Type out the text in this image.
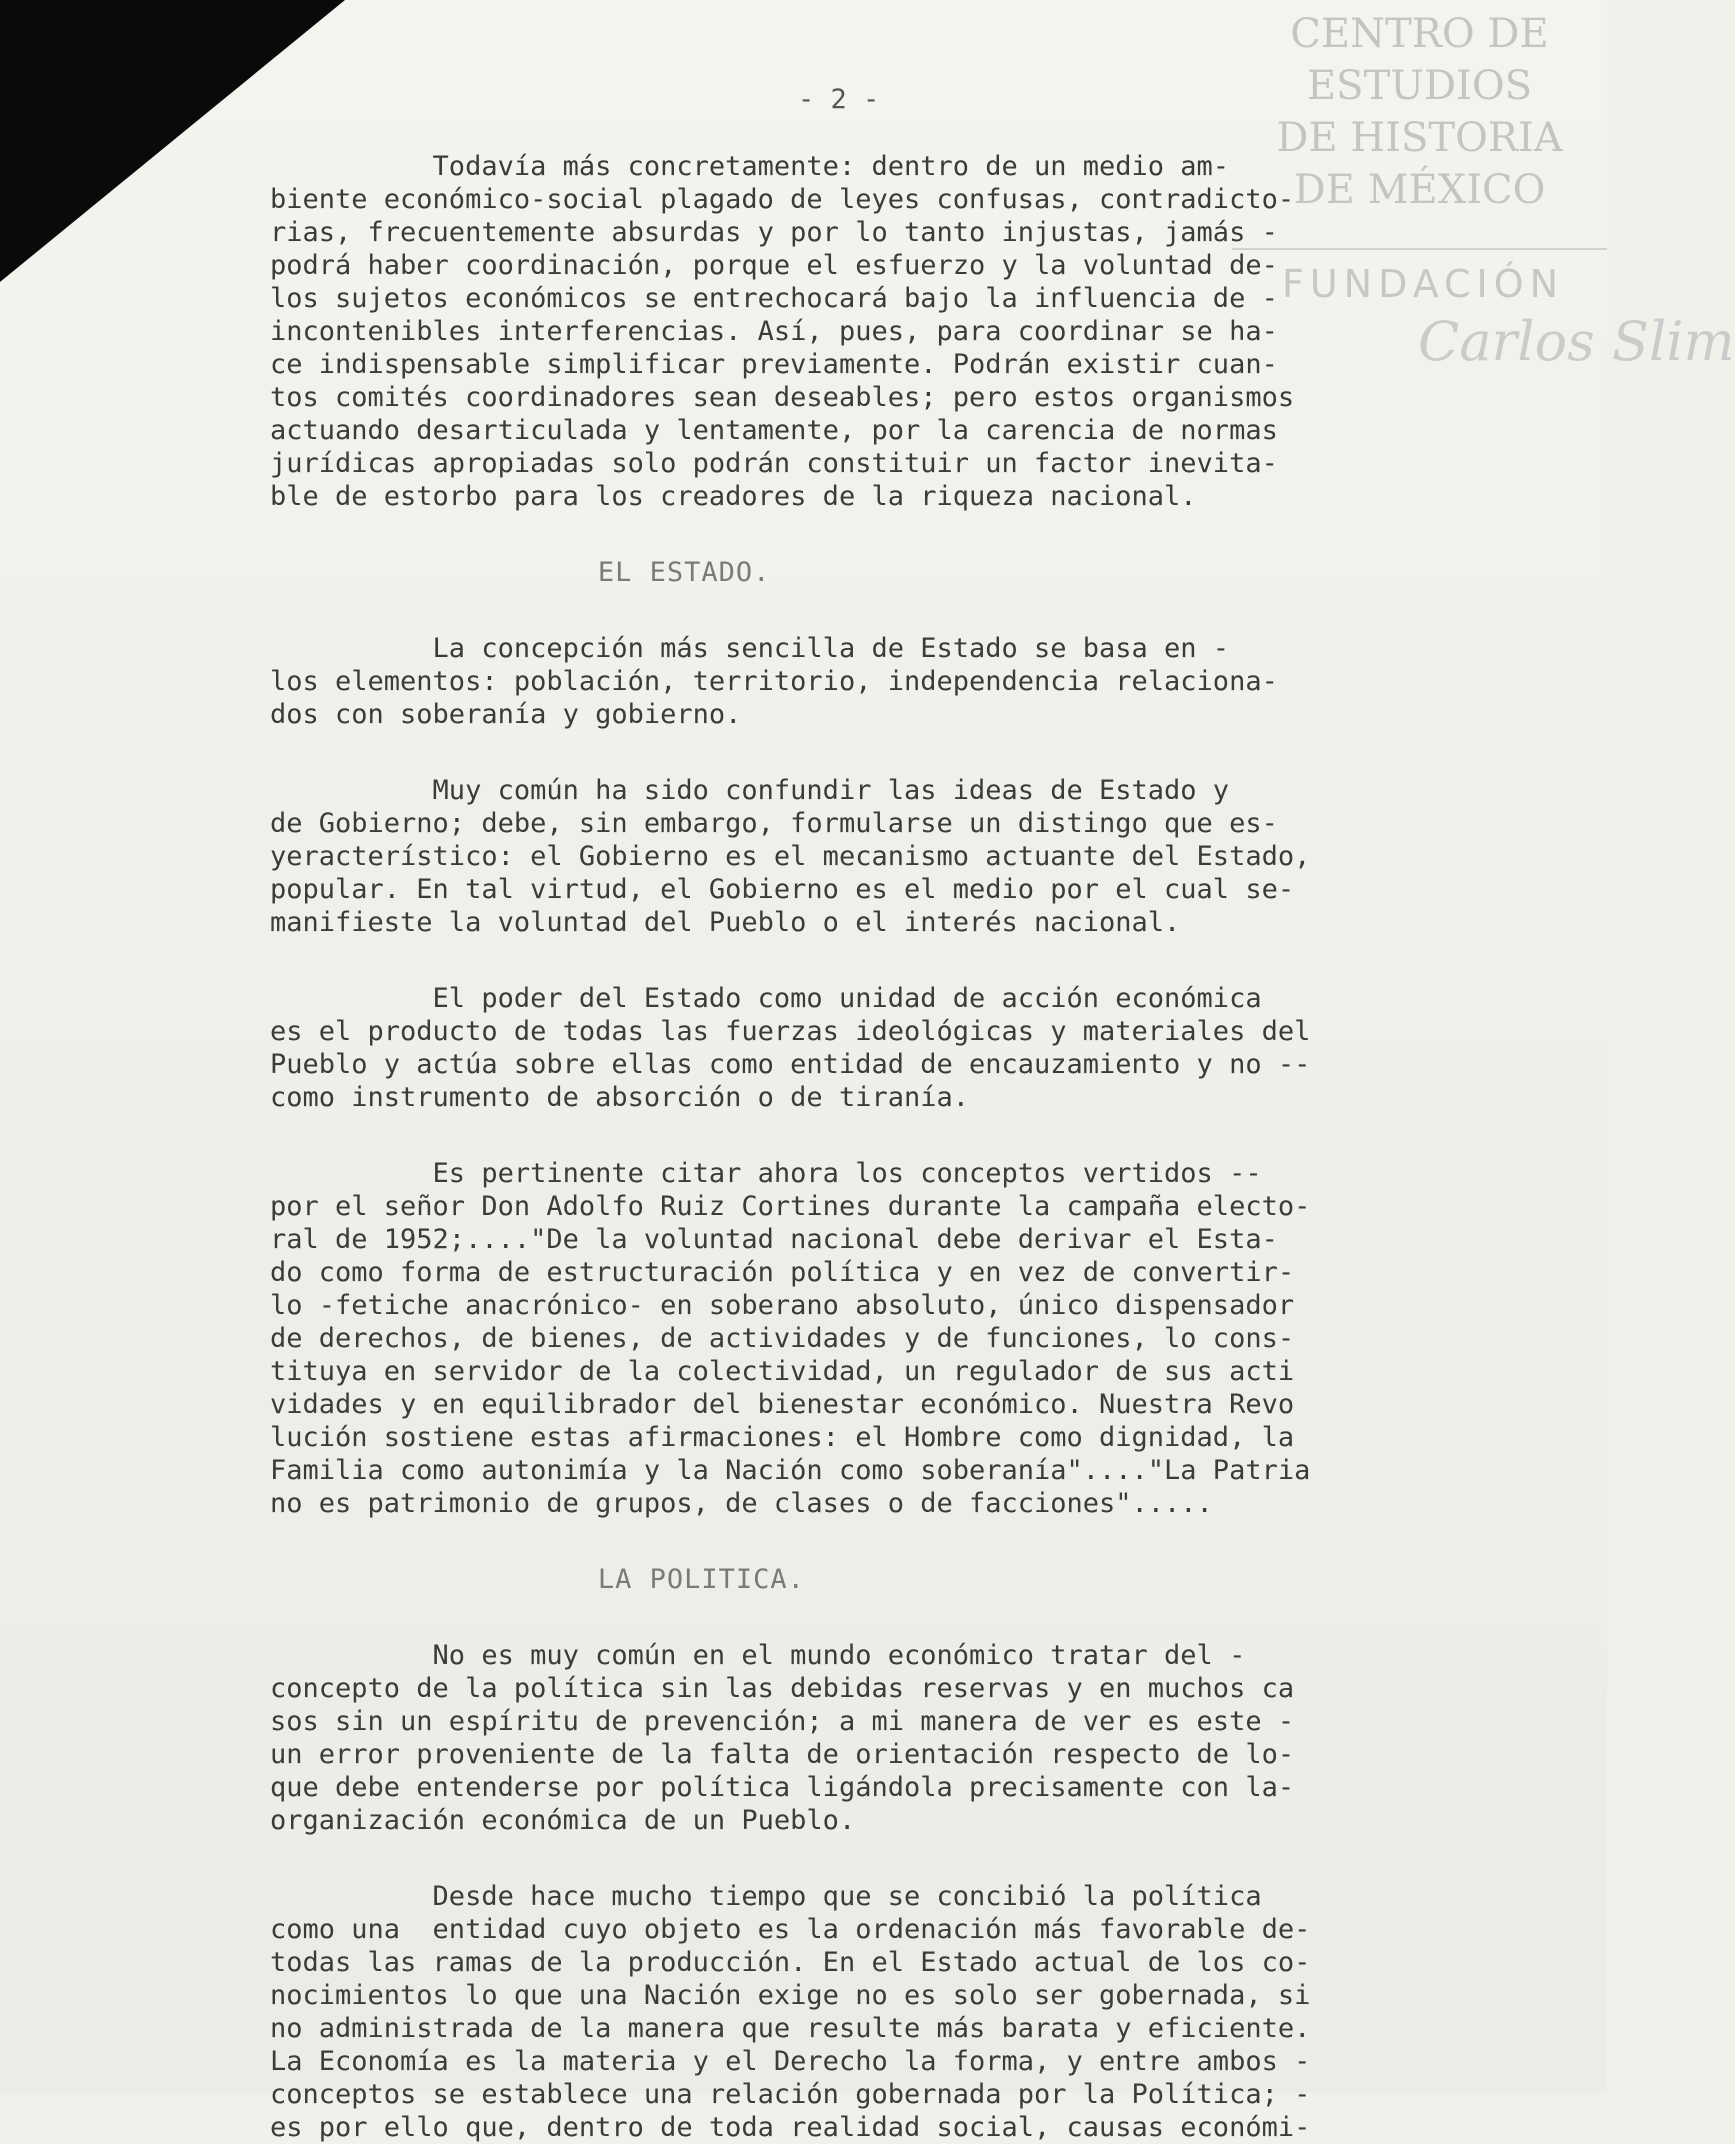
CENTRO DE
ESTUDIOS
DE HISTORIA
DE MÉXICO
FUNDACIÓN
Carlos Slim
- 2 -

Todavía más concretamente: dentro de un medio am-

biente económico-social plagado de leyes confusas, contradicto-

rias, frecuentemente absurdas y por lo tanto injustas, jamás -

podrá haber coordinación, porque el esfuerzo y la voluntad de-

los sujetos económicos se entrechocará bajo la influencia de -

incontenibles interferencias. Así, pues, para coordinar se ha-

ce indispensable simplificar previamente. Podrán existir cuan-

tos comités coordinadores sean deseables; pero estos organismos

actuando desarticulada y lentamente, por la carencia de normas

jurídicas apropiadas solo podrán constituir un factor inevita-

ble de estorbo para los creadores de la riqueza nacional.

EL ESTADO.

La concepción más sencilla de Estado se basa en -

los elementos: población, territorio, independencia relaciona-

dos con soberanía y gobierno.

Muy común ha sido confundir las ideas de Estado y

de Gobierno; debe, sin embargo, formularse un distingo que es-

yeracterístico: el Gobierno es el mecanismo actuante del Estado,

popular. En tal virtud, el Gobierno es el medio por el cual se-

manifieste la voluntad del Pueblo o el interés nacional.

El poder del Estado como unidad de acción económica

es el producto de todas las fuerzas ideológicas y materiales del

Pueblo y actúa sobre ellas como entidad de encauzamiento y no --

como instrumento de absorción o de tiranía.

Es pertinente citar ahora los conceptos vertidos --

por el señor Don Adolfo Ruiz Cortines durante la campaña electo-

ral de 1952;...."De la voluntad nacional debe derivar el Esta-

do como forma de estructuración política y en vez de convertir-

lo -fetiche anacrónico- en soberano absoluto, único dispensador

de derechos, de bienes, de actividades y de funciones, lo cons-

tituya en servidor de la colectividad, un regulador de sus acti

vidades y en equilibrador del bienestar económico. Nuestra Revo

lución sostiene estas afirmaciones: el Hombre como dignidad, la

Familia como autonimía y la Nación como soberanía"...."La Patria

no es patrimonio de grupos, de clases o de facciones".....

LA POLITICA.

No es muy común en el mundo económico tratar del -

concepto de la política sin las debidas reservas y en muchos ca

sos sin un espíritu de prevención; a mi manera de ver es este -

un error proveniente de la falta de orientación respecto de lo-

que debe entenderse por política ligándola precisamente con la-

organización económica de un Pueblo.

Desde hace mucho tiempo que se concibió la política

como una  entidad cuyo objeto es la ordenación más favorable de-

todas las ramas de la producción. En el Estado actual de los co-

nocimientos lo que una Nación exige no es solo ser gobernada, si

no administrada de la manera que resulte más barata y eficiente.

La Economía es la materia y el Derecho la forma, y entre ambos -

conceptos se establece una relación gobernada por la Política; -

es por ello que, dentro de toda realidad social, causas económi-
